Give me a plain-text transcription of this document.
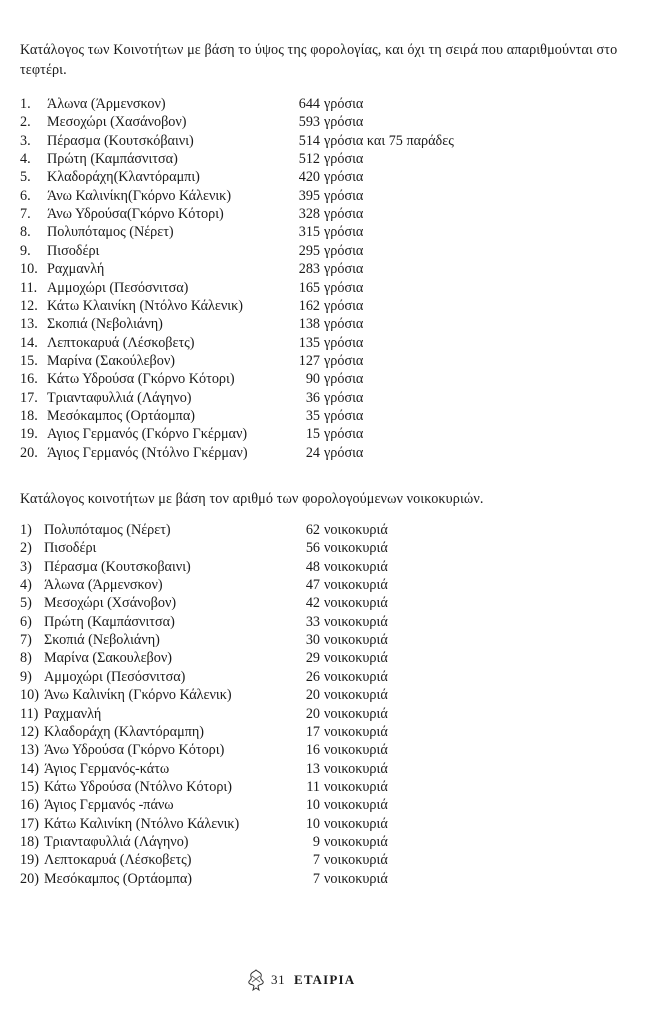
Κατάλογος των Κοινοτήτων με βάση το ύψος της φορολογίας, και όχι τη σειρά που απαριθμούνται στο τεφτέρι.
1. Άλωνα (Άρμενσκον)	644 γρόσια
2. Μεσοχώρι (Χασάνοβον)	593 γρόσια
3. Πέρασμα (Κουτσκόβαινι)	514 γρόσια και 75 παράδες
4. Πρώτη (Καμπάσνιτσα)	512 γρόσια
5. Κλαδοράχη(Κλαντόραμπι)	420 γρόσια
6. Άνω Καλινίκη(Γκόρνο Κάλενικ)	395 γρόσια
7. Άνω Υδρούσα(Γκόρνο Κότορι)	328 γρόσια
8. Πολυπόταμος (Νέρετ)	315 γρόσια
9. Πισοδέρι	295 γρόσια
10. Ραχμανλή	283 γρόσια
11. Αμμοχώρι (Πεσόσνιτσα)	165 γρόσια
12. Κάτω Κλαινίκη (Ντόλνο Κάλενικ)	162 γρόσια
13. Σκοπιά (Νεβολιάνη)	138 γρόσια
14. Λεπτοκαρυά (Λέσκοβετς)	135 γρόσια
15. Μαρίνα (Σακούλεβον)	127 γρόσια
16. Κάτω Υδρούσα (Γκόρνο Κότορι)	90 γρόσια
17. Τριανταφυλλιά (Λάγηνο)	36 γρόσια
18. Μεσόκαμπος (Ορτάομπα)	35 γρόσια
19. Αγιος Γερμανός (Γκόρνο Γκέρμαν)	15 γρόσια
20. Άγιος Γερμανός (Ντόλνο Γκέρμαν)	24 γρόσια
Κατάλογος κοινοτήτων με βάση τον αριθμό των φορολογούμενων νοικοκυριών.
1) Πολυπόταμος (Νέρετ)	62 νοικοκυριά
2) Πισοδέρι	56 νοικοκυριά
3) Πέρασμα (Κουτσκοβαινι)	48 νοικοκυριά
4) Άλωνα (Άρμενσκον)	47 νοικοκυριά
5) Μεσοχώρι (Χσάνοβον)	42 νοικοκυριά
6) Πρώτη (Καμπάσνιτσα)	33 νοικοκυριά
7) Σκοπιά (Νεβολιάνη)	30 νοικοκυριά
8) Μαρίνα (Σακουλεβον)	29 νοικοκυριά
9) Αμμοχώρι (Πεσόσνιτσα)	26 νοικοκυριά
10) Άνω Καλινίκη (Γκόρνο Κάλενικ)	20 νοικοκυριά
11) Ραχμανλή	20 νοικοκυριά
12) Κλαδοράχη (Κλαντόραμπη)	17 νοικοκυριά
13) Άνω Υδρούσα (Γκόρνο Κότορι)	16 νοικοκυριά
14) Άγιος Γερμανός-κάτω	13 νοικοκυριά
15) Κάτω Υδρούσα (Ντόλνο Κότορι)	11 νοικοκυριά
16) Άγιος Γερμανός -πάνω	10 νοικοκυριά
17) Κάτω Καλινίκη (Ντόλνο Κάλενικ)	10 νοικοκυριά
18) Τριανταφυλλιά (Λάγηνο)	9 νοικοκυριά
19) Λεπτοκαρυά (Λέσκοβετς)	7 νοικοκυριά
20) Μεσόκαμπος (Ορτάομπα)	7 νοικοκυριά
31 ΕΤΑΙΡΙΑ
